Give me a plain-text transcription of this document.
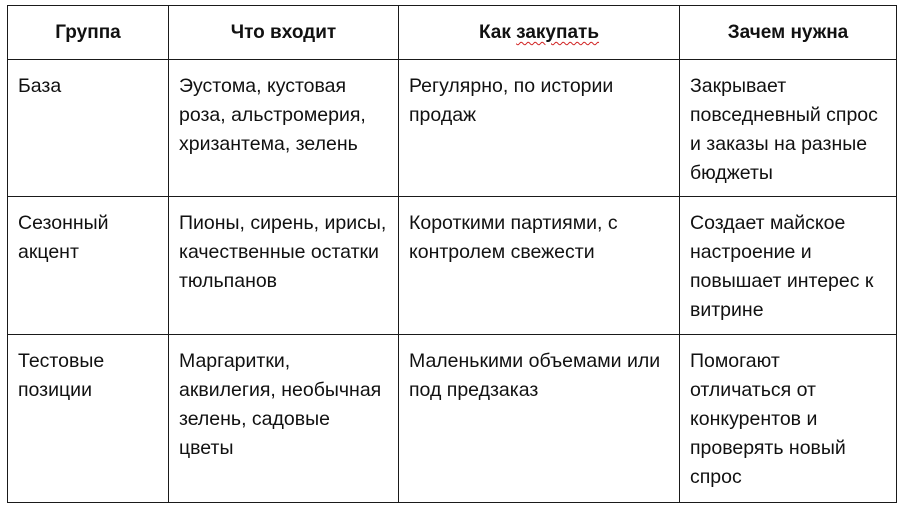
Группа	Что входит	Как закупать	Зачем нужна
База	Эустома, кустовая роза, альстромерия, хризантема, зелень	Регулярно, по истории продаж	Закрывает повседневный спрос и заказы на разные бюджеты
Сезонный акцент	Пионы, сирень, ирисы, качественные остатки тюльпанов	Короткими партиями, с контролем свежести	Создает майское настроение и повышает интерес к витрине
Тестовые позиции	Маргаритки, аквилегия, необычная зелень, садовые цветы	Маленькими объемами или под предзаказ	Помогают отличаться от конкурентов и проверять новый спрос
